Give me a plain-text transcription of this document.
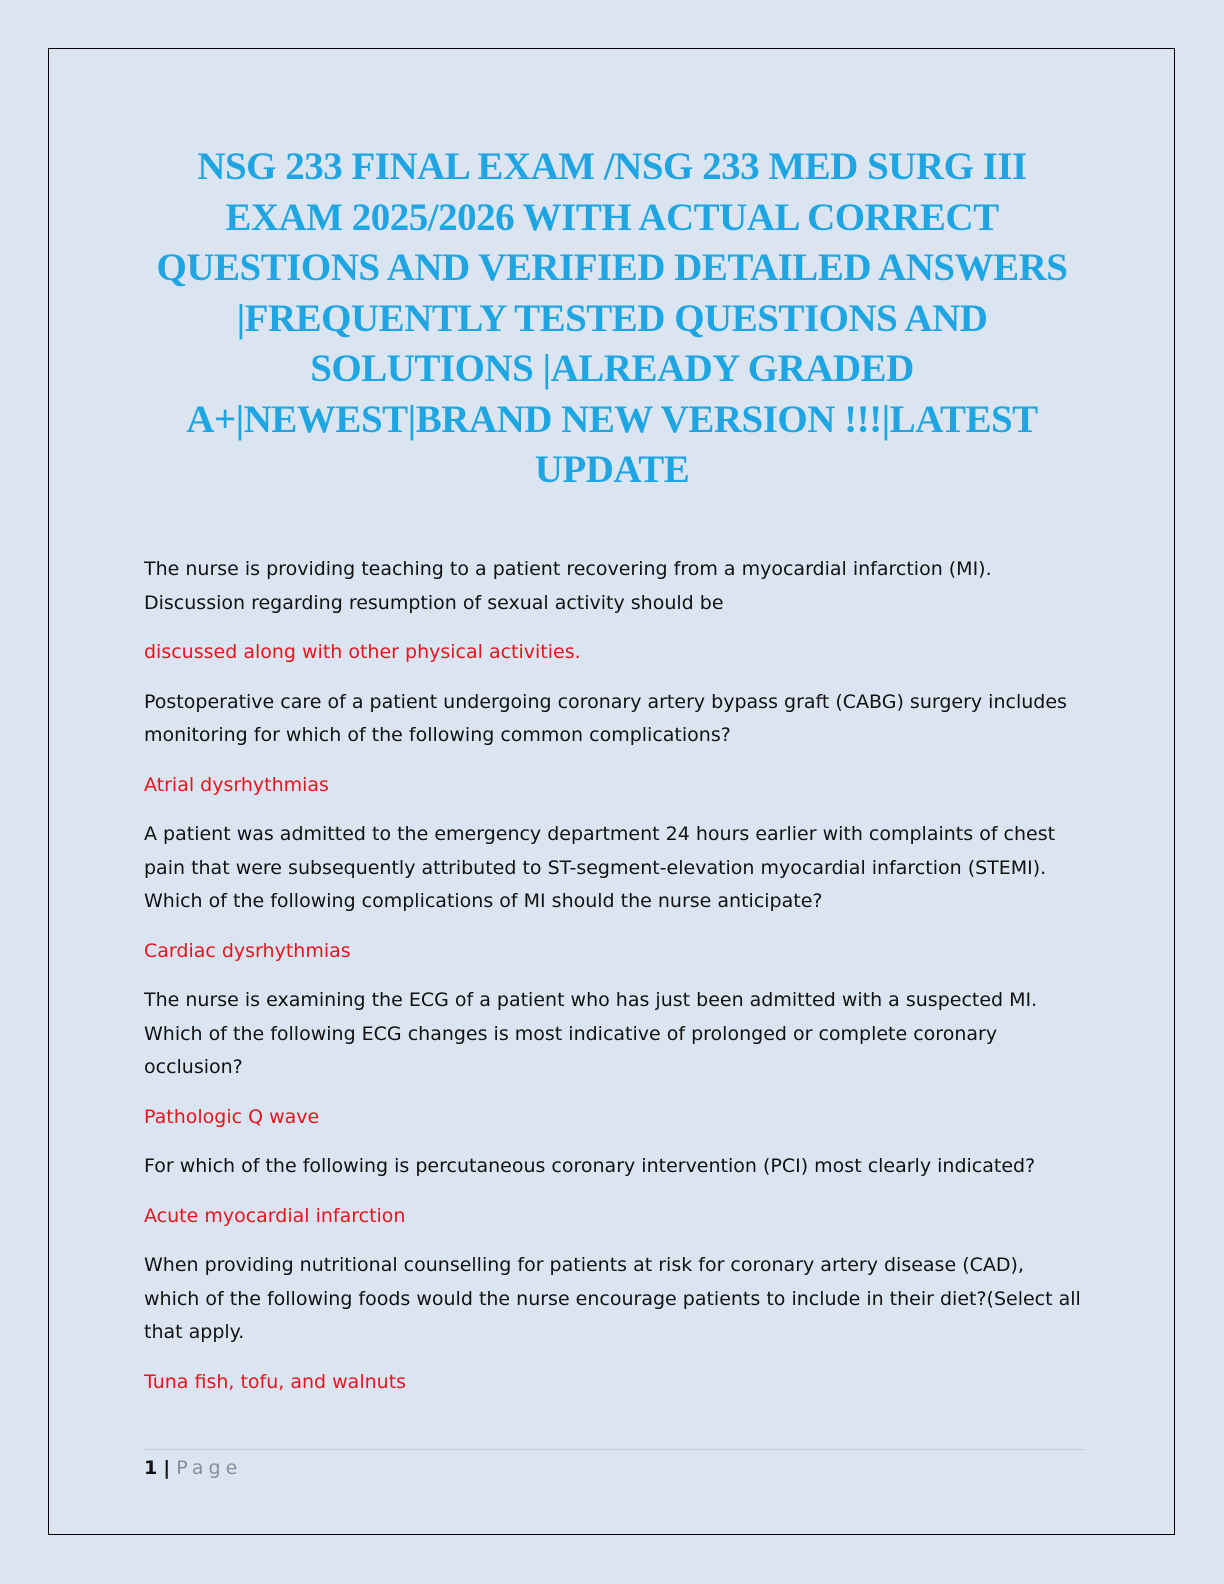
NSG 233 FINAL EXAM /NSG 233 MED SURG III EXAM 2025/2026 WITH ACTUAL CORRECT QUESTIONS AND VERIFIED DETAILED ANSWERS |FREQUENTLY TESTED QUESTIONS AND SOLUTIONS |ALREADY GRADED A+|NEWEST|BRAND NEW VERSION !!!|LATEST UPDATE

The nurse is providing teaching to a patient recovering from a myocardial infarction (MI). Discussion regarding resumption of sexual activity should be

discussed along with other physical activities.

Postoperative care of a patient undergoing coronary artery bypass graft (CABG) surgery includes monitoring for which of the following common complications?

Atrial dysrhythmias

A patient was admitted to the emergency department 24 hours earlier with complaints of chest pain that were subsequently attributed to ST-segment-elevation myocardial infarction (STEMI). Which of the following complications of MI should the nurse anticipate?

Cardiac dysrhythmias

The nurse is examining the ECG of a patient who has just been admitted with a suspected MI. Which of the following ECG changes is most indicative of prolonged or complete coronary occlusion?

Pathologic Q wave

For which of the following is percutaneous coronary intervention (PCI) most clearly indicated?

Acute myocardial infarction

When providing nutritional counselling for patients at risk for coronary artery disease (CAD), which of the following foods would the nurse encourage patients to include in their diet?(Select all that apply.

Tuna fish, tofu, and walnuts

1 | Page
